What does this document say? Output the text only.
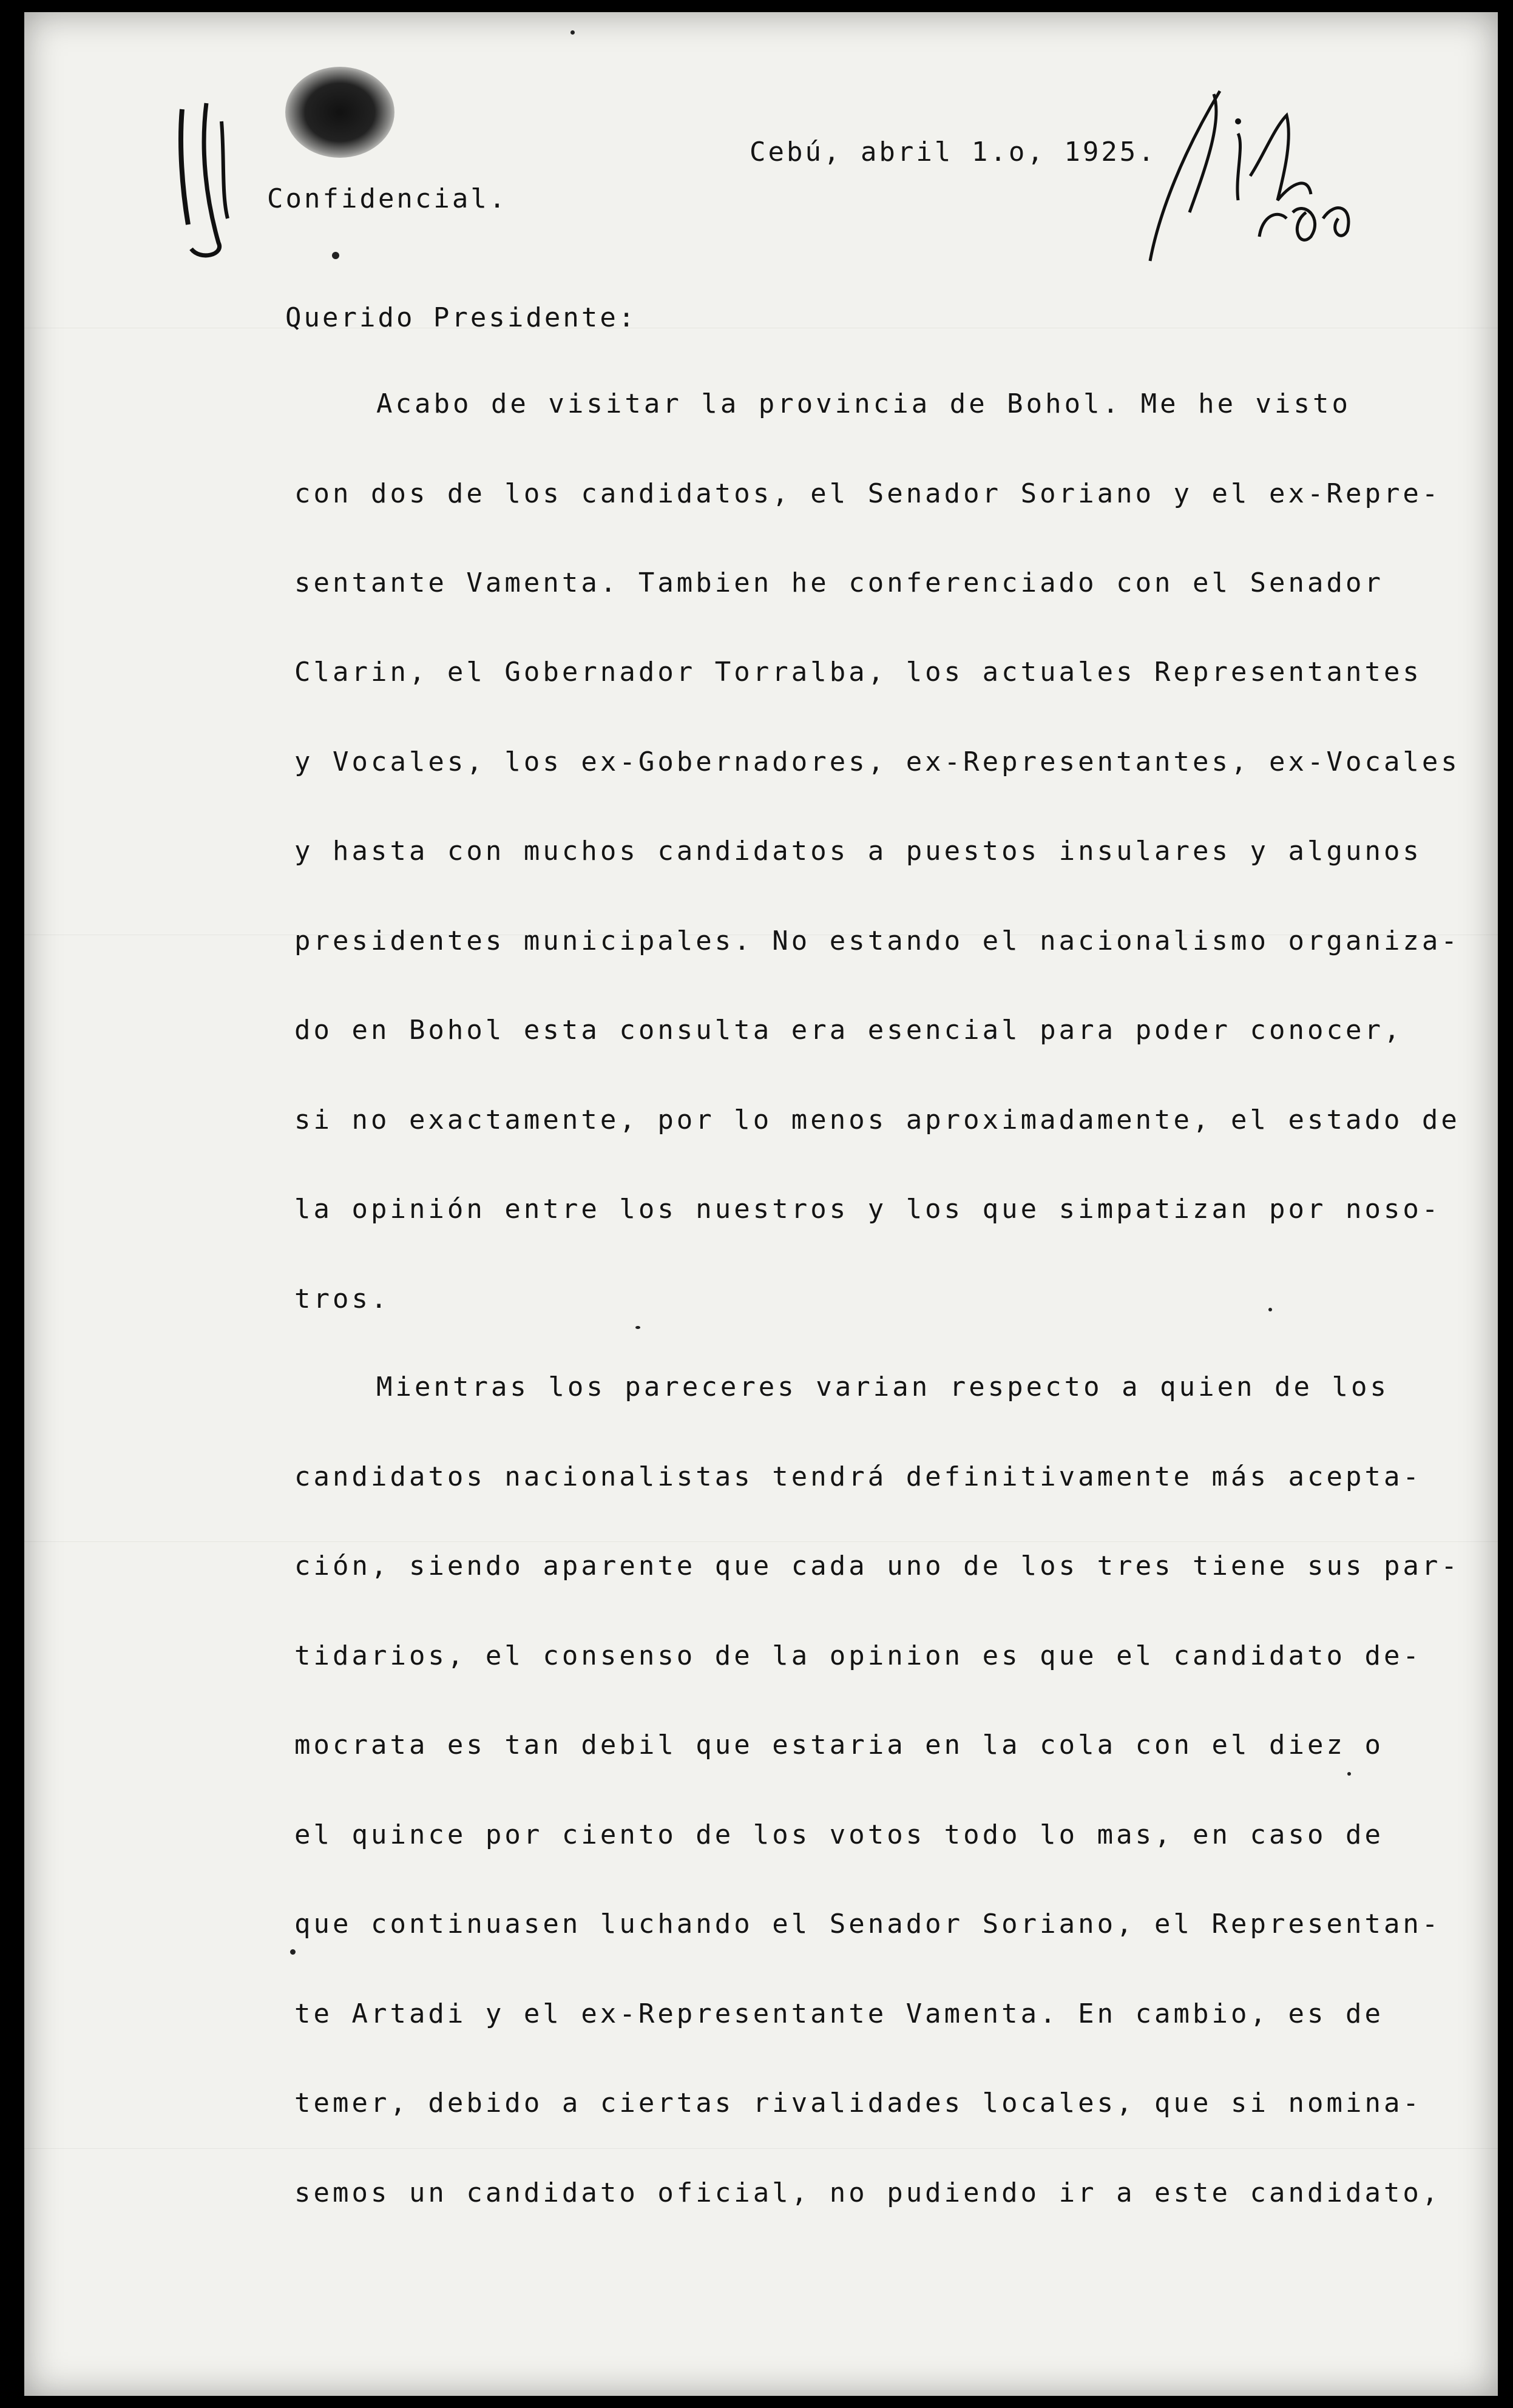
Cebú, abril 1.o, 1925.
Confidencial.
Querido Presidente:
Acabo de visitar la provincia de Bohol. Me he visto
con dos de los candidatos, el Senador Soriano y el ex-Repre-
sentante Vamenta. Tambien he conferenciado con el Senador
Clarin, el Gobernador Torralba, los actuales Representantes
y Vocales, los ex-Gobernadores, ex-Representantes, ex-Vocales
y hasta con muchos candidatos a puestos insulares y algunos
presidentes municipales. No estando el nacionalismo organiza-
do en Bohol esta consulta era esencial para poder conocer,
si no exactamente, por lo menos aproximadamente, el estado de
la opinión entre los nuestros y los que simpatizan por noso-
tros.
Mientras los pareceres varian respecto a quien de los
candidatos nacionalistas tendrá definitivamente más acepta-
ción, siendo aparente que cada uno de los tres tiene sus par-
tidarios, el consenso de la opinion es que el candidato de-
mocrata es tan debil que estaria en la cola con el diez o
el quince por ciento de los votos todo lo mas, en caso de
que continuasen luchando el Senador Soriano, el Representan-
te Artadi y el ex-Representante Vamenta. En cambio, es de
temer, debido a ciertas rivalidades locales, que si nomina-
semos un candidato oficial, no pudiendo ir a este candidato,
